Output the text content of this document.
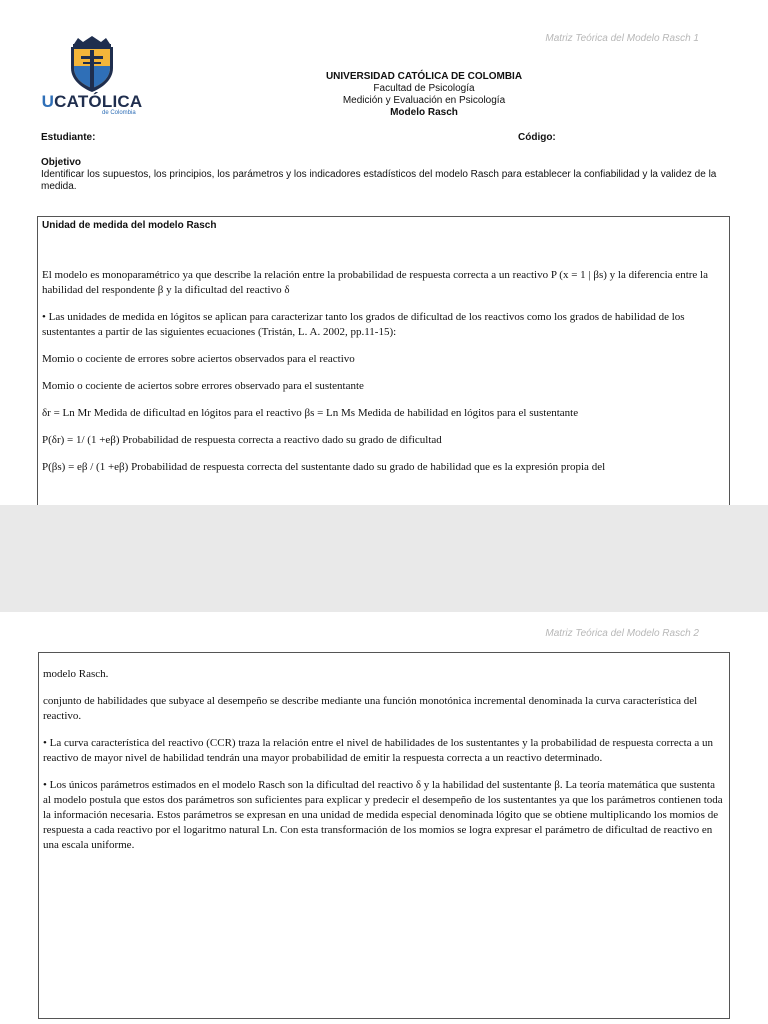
Matriz Teórica del Modelo Rasch 1
UCATÓLICA
de Colombia
UNIVERSIDAD CATÓLICA DE COLOMBIA
Facultad de Psicología
Medición y Evaluación en Psicología
Modelo Rasch
Estudiante:	Código:
Objetivo
Identificar los supuestos, los principios, los parámetros y los indicadores estadísticos del modelo Rasch para establecer la confiabilidad y la validez de la medida.
Unidad de medida del modelo Rasch

El modelo es monoparamétrico ya que describe la relación entre la probabilidad de respuesta correcta a un reactivo P (x = 1 | βs) y la diferencia entre la habilidad del respondente β y la dificultad del reactivo δ

• Las unidades de medida en lógitos se aplican para caracterizar tanto los grados de dificultad de los reactivos como los grados de habilidad de los sustentantes a partir de las siguientes ecuaciones (Tristán, L. A. 2002, pp.11-15):

Momio o cociente de errores sobre aciertos observados para el reactivo

Momio o cociente de aciertos sobre errores observado para el sustentante

δr = Ln Mr Medida de dificultad en lógitos para el reactivo βs = Ln Ms Medida de habilidad en lógitos para el sustentante

P(δr) = 1/ (1 +eβ) Probabilidad de respuesta correcta a reactivo dado su grado de dificultad

P(βs) = eβ / (1 +eβ) Probabilidad de respuesta correcta del sustentante dado su grado de habilidad que es la expresión propia del

Matriz Teórica del Modelo Rasch 2

modelo Rasch.

conjunto de habilidades que subyace al desempeño se describe mediante una función monotónica incremental denominada la curva característica del reactivo.

• La curva característica del reactivo (CCR) traza la relación entre el nivel de habilidades de los sustentantes y la probabilidad de respuesta correcta a un reactivo de mayor nivel de habilidad tendrán una mayor probabilidad de emitir la respuesta correcta a un reactivo determinado.

• Los únicos parámetros estimados en el modelo Rasch son la dificultad del reactivo δ y la habilidad del sustentante β. La teoría matemática que sustenta al modelo postula que estos dos parámetros son suficientes para explicar y predecir el desempeño de los sustentantes ya que los parámetros contienen toda la información necesaria. Estos parámetros se expresan en una unidad de medida especial denominada lógito que se obtiene multiplicando los momios de respuesta a cada reactivo por el logaritmo natural Ln. Con esta transformación de los momios se logra expresar el parámetro de dificultad de reactivo en una escala uniforme.
